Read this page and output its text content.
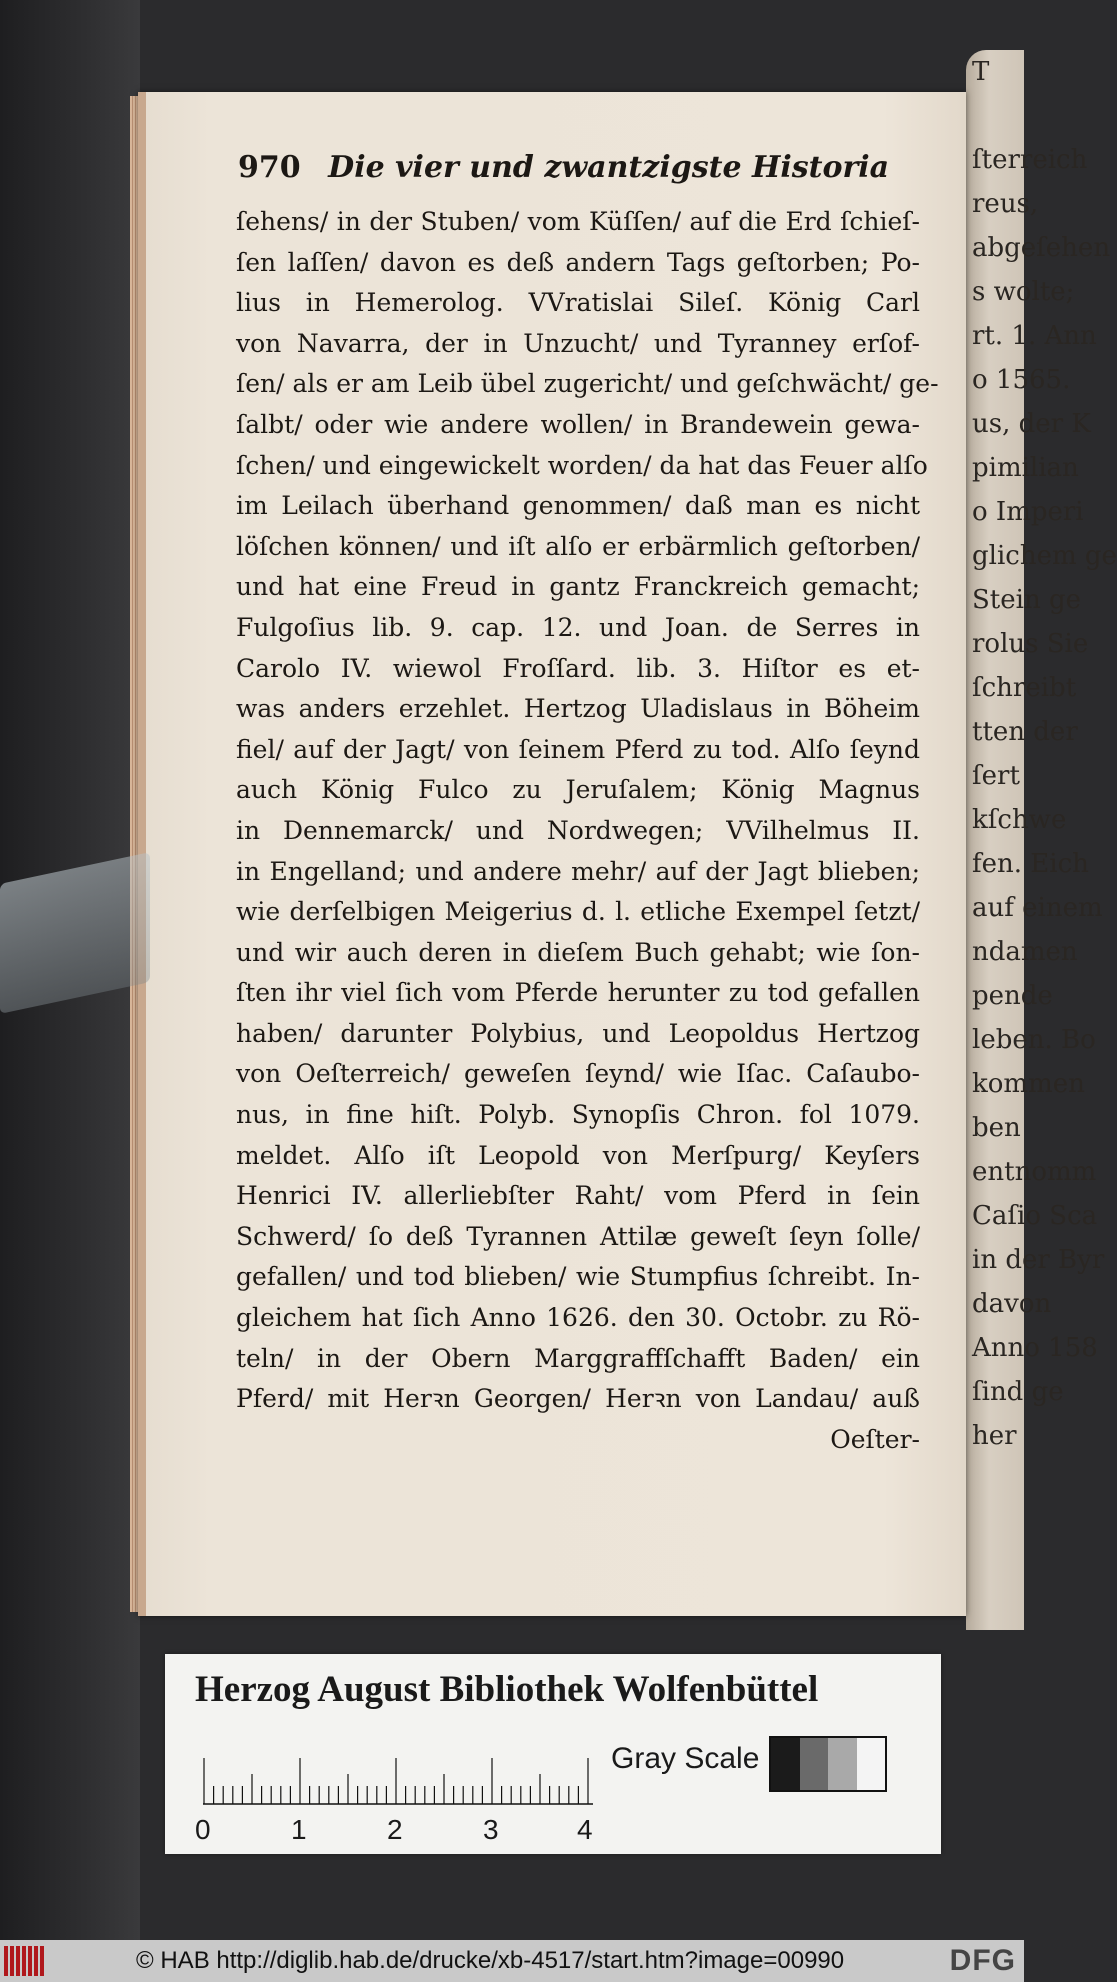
T
ſterreich
reus,
abgeſehen
s wolte;
rt. 1. Ann
o 1565.
us, der K
pimilian
o Imperi
glichem ge
Stein ge
rolus Sie
ſchreibt
tten der
ſert
kſchwe
fen. Eich
auf einem
ndamen
pende
leben. Bo
kommen
ben
entnomm
Caſio Sca
in der Byr
davon
Anno 158
ſind ge
her
970 Die vier und zwantzigste Historia
ſehens/ in der Stuben/ vom Küſſen/ auf die Erd ſchieſ-
ſen laſſen/ davon es deß andern Tags geſtorben; Po-
lius in Hemerolog. VVratislai Sileſ. König Carl
von Navarra, der in Unzucht/ und Tyranney erſof-
ſen/ als er am Leib übel zugericht/ und geſchwächt/ ge-
ſalbt/ oder wie andere wollen/ in Brandewein gewa-
ſchen/ und eingewickelt worden/ da hat das Feuer alſo
im Leilach überhand genommen/ daß man es nicht
löſchen können/ und iſt alſo er erbärmlich geſtorben/
und hat eine Freud in gantz Franckreich gemacht;
Fulgoſius lib. 9. cap. 12. und Joan. de Serres in
Carolo IV. wiewol Froſſard. lib. 3. Hiſtor es et-
was anders erzehlet. Hertzog Uladislaus in Böheim
fiel/ auf der Jagt/ von ſeinem Pferd zu tod. Alſo ſeynd
auch König Fulco zu Jeruſalem; König Magnus
in Dennemarck/ und Nordwegen; VVilhelmus II.
in Engelland; und andere mehr/ auf der Jagt blieben;
wie derſelbigen Meigerius d. l. etliche Exempel ſetzt/
und wir auch deren in dieſem Buch gehabt; wie ſon-
ſten ihr viel ſich vom Pferde herunter zu tod gefallen
haben/ darunter Polybius, und Leopoldus Hertzog
von Oeſterreich/ geweſen ſeynd/ wie Iſac. Caſaubo-
nus, in fine hiſt. Polyb. Synopſis Chron. fol 1079.
meldet. Alſo iſt Leopold von Merſpurg/ Keyſers
Henrici IV. allerliebſter Raht/ vom Pferd in ſein
Schwerd/ ſo deß Tyrannen Attilæ geweſt ſeyn ſolle/
gefallen/ und tod blieben/ wie Stumpfius ſchreibt. In-
gleichem hat ſich Anno 1626. den 30. Octobr. zu Rö-
teln/ in der Obern Marggraffſchafft Baden/ ein
Pferd/ mit Herꝛn Georgen/ Herꝛn von Landau/ auß
Oeſter-
Herzog August Bibliothek Wolfenbüttel
0	1	2	3	4
Gray Scale
© HAB http://diglib.hab.de/drucke/xb-4517/start.htm?image=00990	DFG
